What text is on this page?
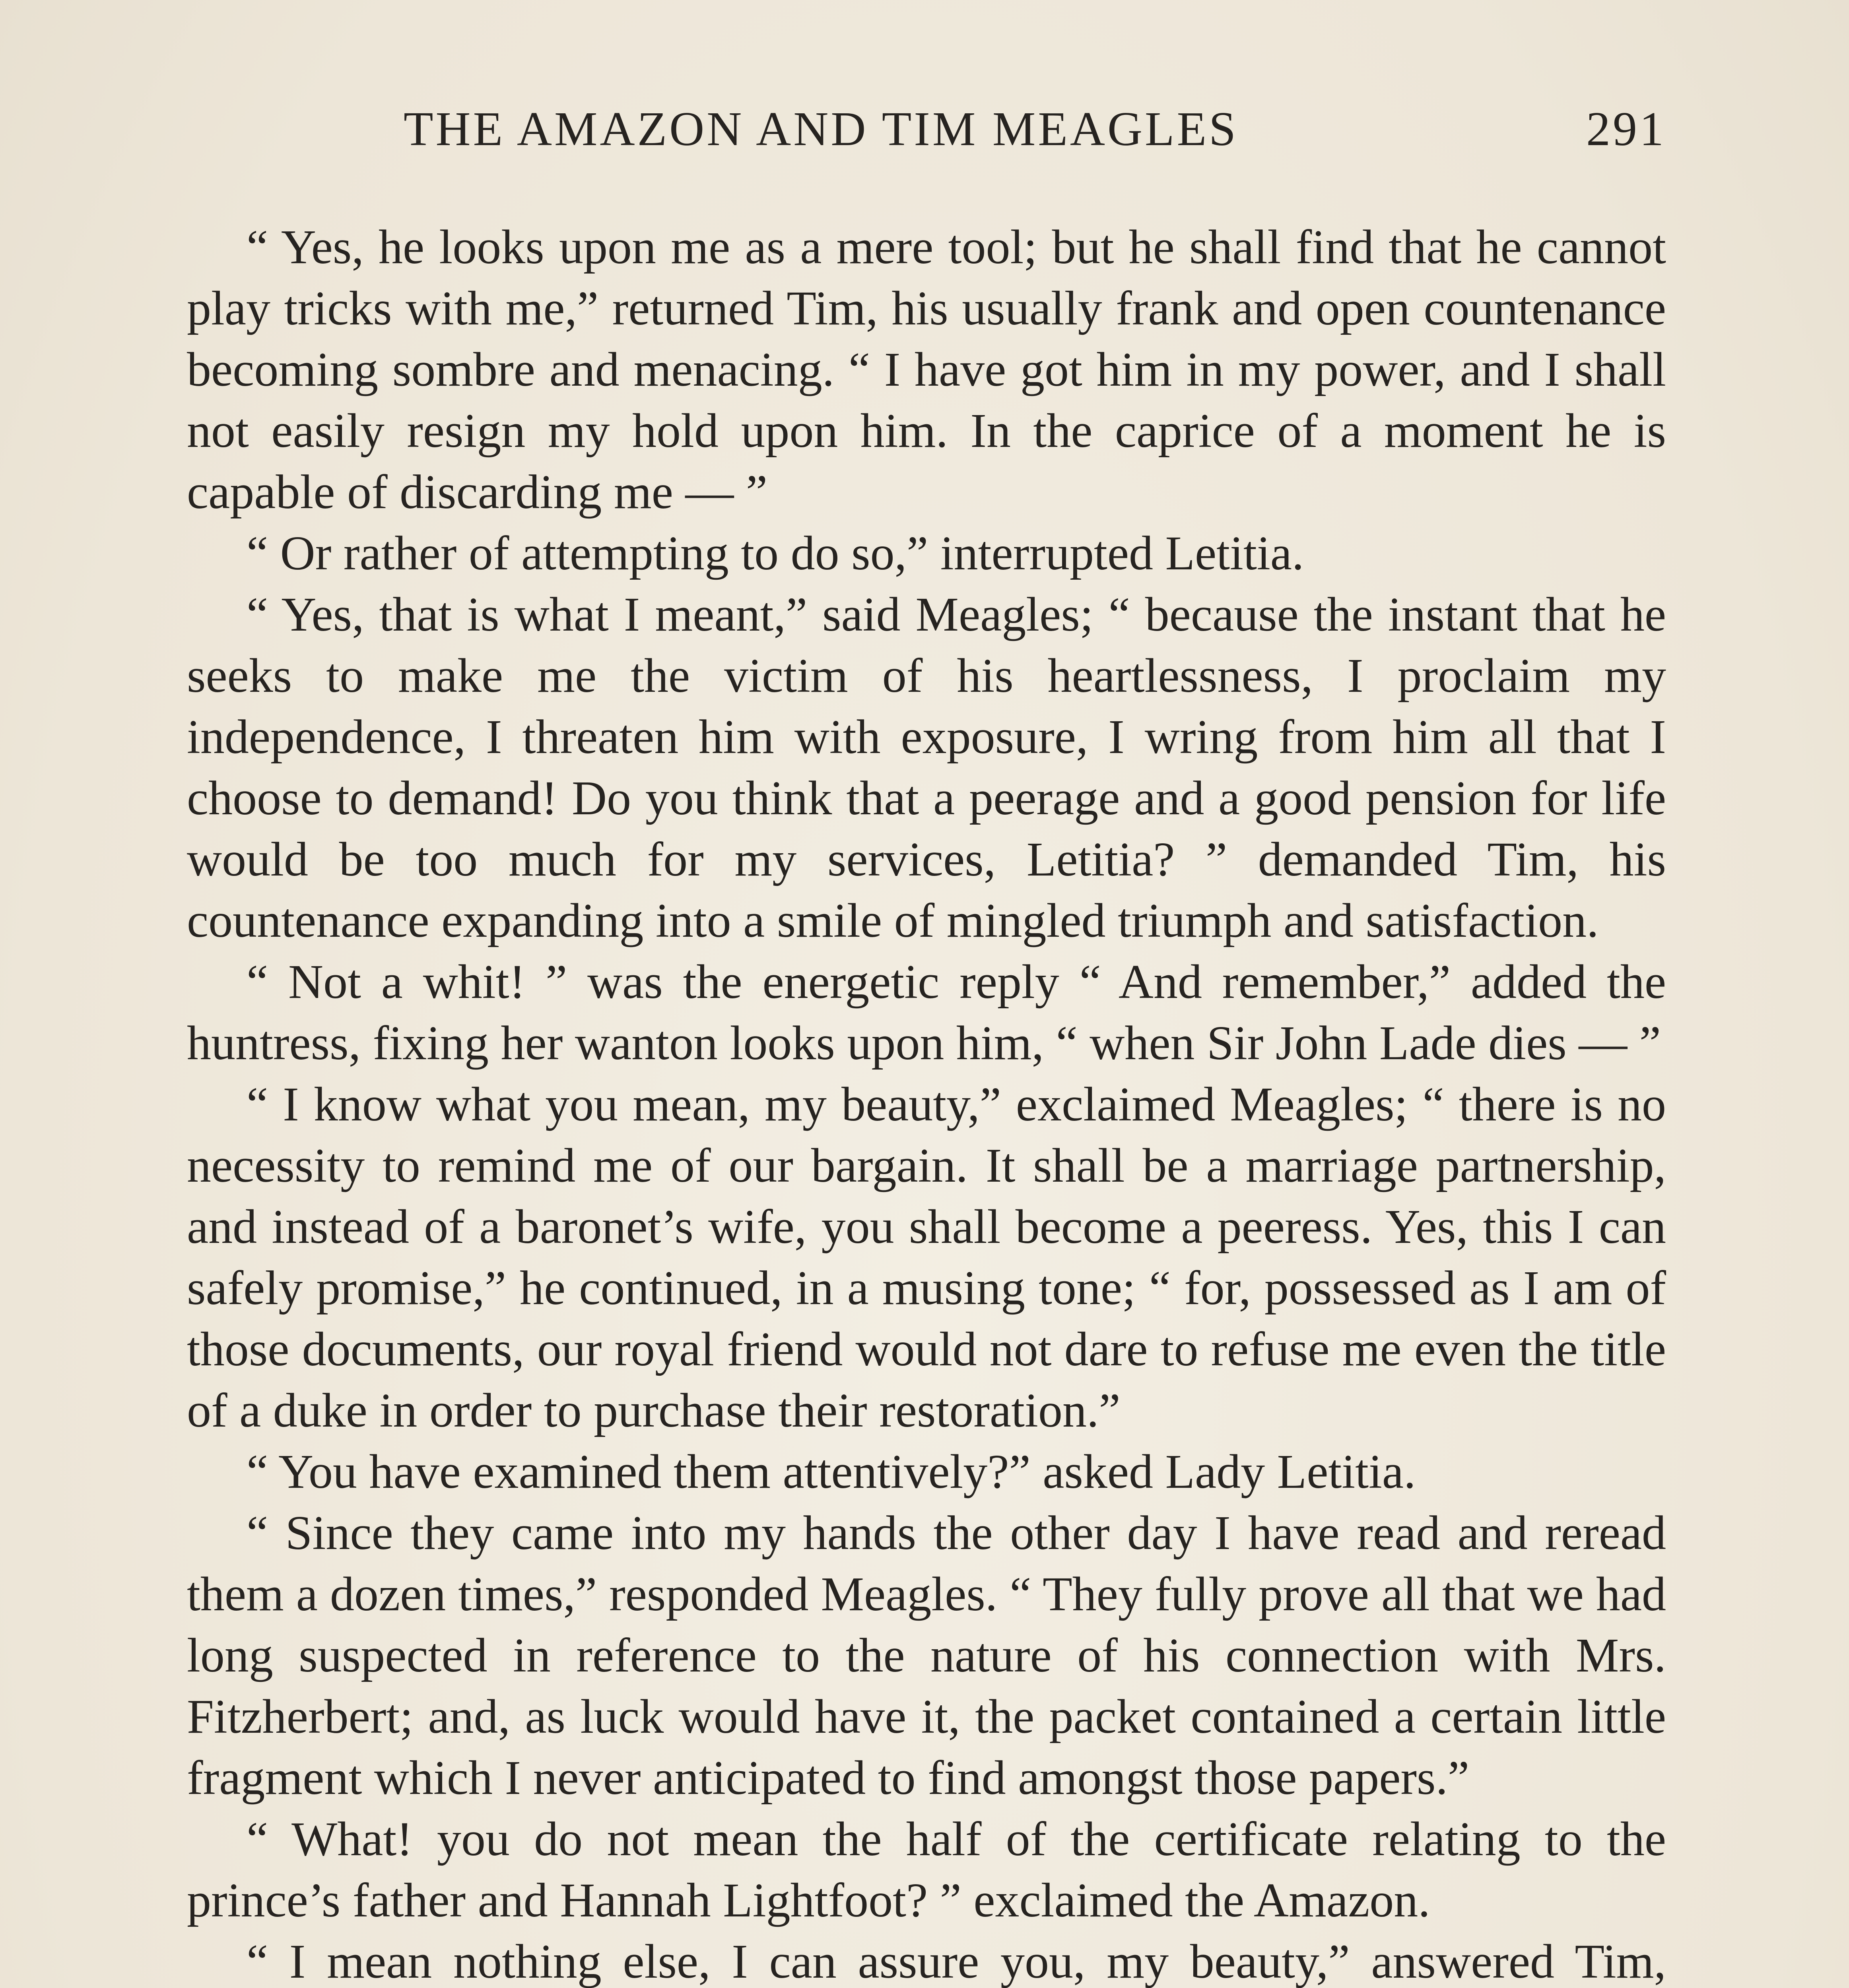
THE AMAZON AND TIM MEAGLES	291

“ Yes, he looks upon me as a mere tool; but he shall find that he cannot play tricks with me,” returned Tim, his usually frank and open countenance becoming sombre and menacing. “ I have got him in my power, and I shall not easily resign my hold upon him. In the caprice of a moment he is capable of discarding me — ”

“ Or rather of attempting to do so,” interrupted Letitia.

“ Yes, that is what I meant,” said Meagles; “ because the instant that he seeks to make me the victim of his heartlessness, I proclaim my independence, I threaten him with exposure, I wring from him all that I choose to demand! Do you think that a peerage and a good pension for life would be too much for my services, Letitia? ” demanded Tim, his countenance expanding into a smile of mingled triumph and satisfaction.

“ Not a whit! ” was the energetic reply “ And remember,” added the huntress, fixing her wanton looks upon him, “ when Sir John Lade dies — ”

“ I know what you mean, my beauty,” exclaimed Meagles; “ there is no necessity to remind me of our bargain. It shall be a marriage partnership, and instead of a baronet’s wife, you shall become a peeress. Yes, this I can safely promise,” he continued, in a musing tone; “ for, possessed as I am of those documents, our royal friend would not dare to refuse me even the title of a duke in order to purchase their restoration.”

“ You have examined them attentively?” asked Lady Letitia.

“ Since they came into my hands the other day I have read and reread them a dozen times,” responded Meagles. “ They fully prove all that we had long suspected in reference to the nature of his connection with Mrs. Fitzherbert; and, as luck would have it, the packet contained a certain little fragment which I never anticipated to find amongst those papers.”

“ What! you do not mean the half of the certificate relating to the prince’s father and Hannah Lightfoot? ” exclaimed the Amazon.

“ I mean nothing else, I can assure you, my beauty,” answered Tim,
